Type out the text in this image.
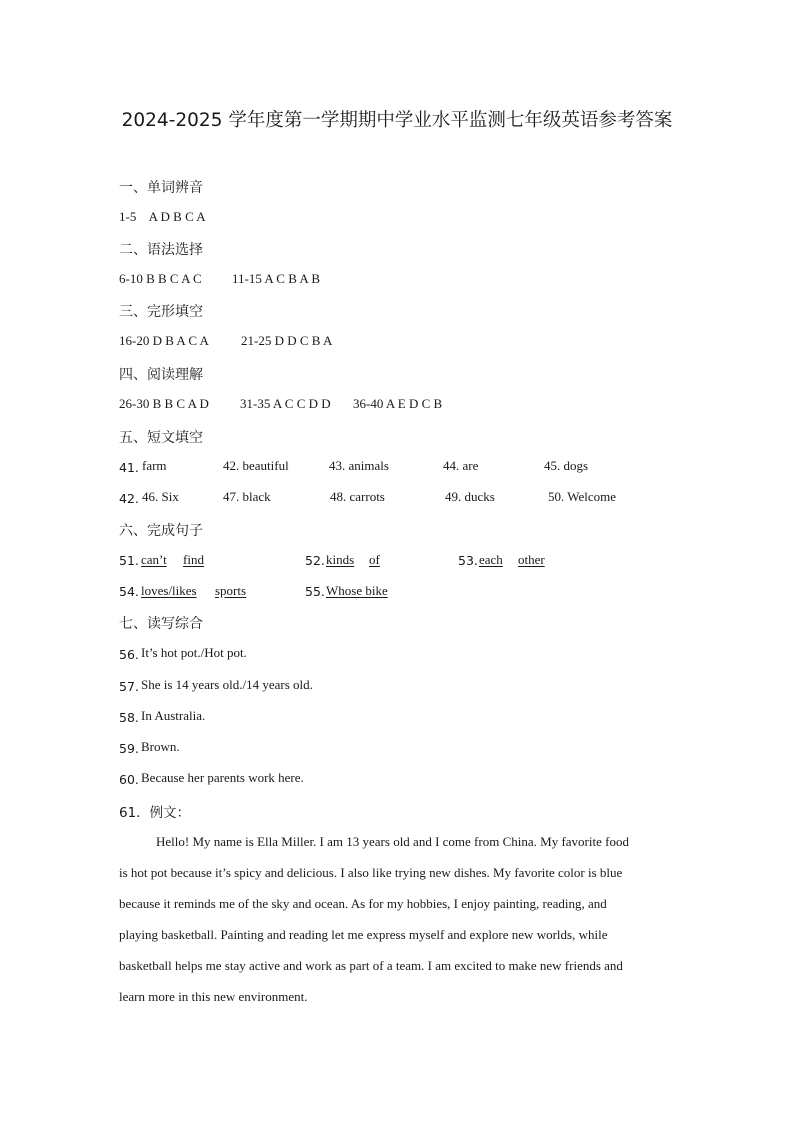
2024-2025 学年度第一学期期中学业水平监测七年级英语参考答案
一、单词辨音
1-5    A D B C A
二、语法选择
6-10 B B C A C 11-15 A C B A B
三、完形填空
16-20 D B A C A 21-25 D D C B A
四、阅读理解
26-30 B B C A D 31-35 A C C D D 36-40 A E D C B
五、短文填空
41. farm	42. beautiful	43. animals	44. are	45. dogs
42. 46. Six	47. black	48. carrots	49. ducks	50. Welcome
六、完成句子
51. can’t find	52. kinds of	53. each other
54. loves/likes sports	55. Whose bike
七、读写综合
56. It’s hot pot./Hot pot.
57. She is 14 years old./14 years old.
58. In Australia.
59. Brown.
60. Because her parents work here.
61．例文：
Hello! My name is Ella Miller. I am 13 years old and I come from China. My favorite food
is hot pot because it’s spicy and delicious. I also like trying new dishes. My favorite color is blue
because it reminds me of the sky and ocean. As for my hobbies, I enjoy painting, reading, and
playing basketball. Painting and reading let me express myself and explore new worlds, while
basketball helps me stay active and work as part of a team. I am excited to make new friends and
learn more in this new environment.
